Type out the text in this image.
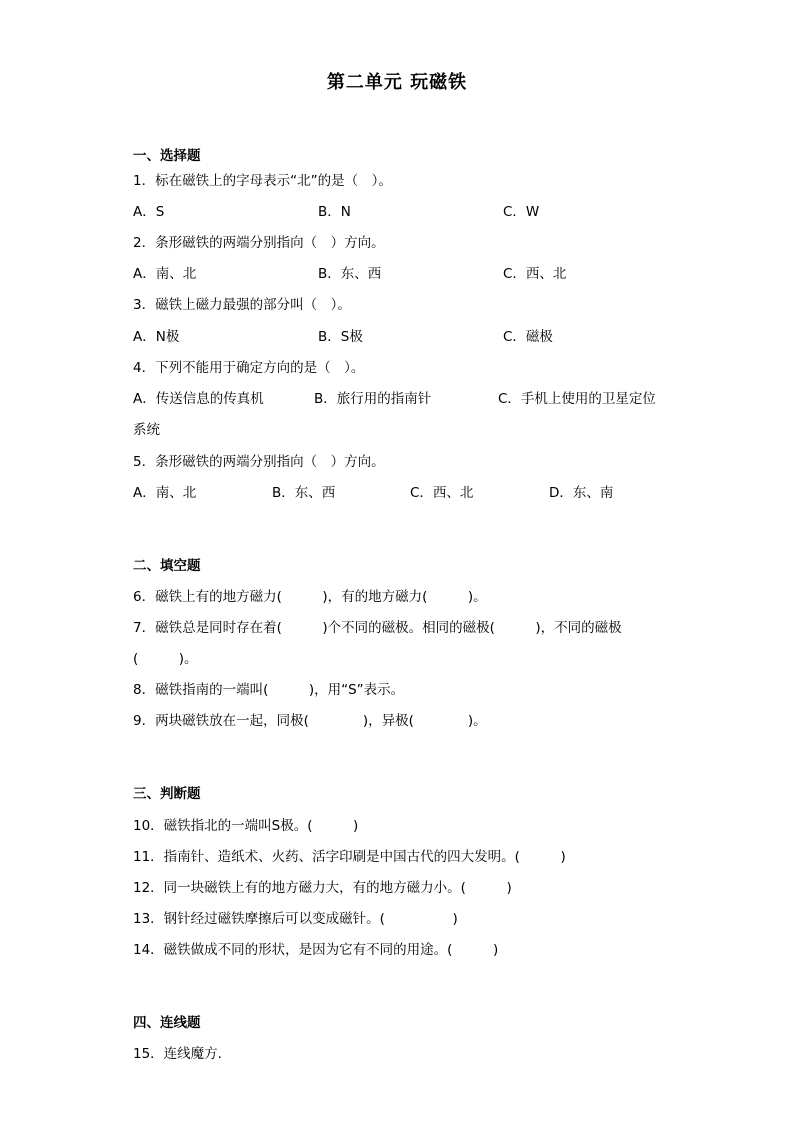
第二单元 玩磁铁
一、选择题
1．标在磁铁上的字母表示“北”的是（　）。
A．S	B．N	C．W
2．条形磁铁的两端分别指向（　）方向。
A．南、北	B．东、西	C．西、北
3．磁铁上磁力最强的部分叫（　）。
A．N极	B．S极	C．磁极
4．下列不能用于确定方向的是（　）。
A．传送信息的传真机	B．旅行用的指南针	C．手机上使用的卫星定位
系统
5．条形磁铁的两端分别指向（　）方向。
A．南、北	B．东、西	C．西、北	D．东、南
二、填空题
6．磁铁上有的地方磁力(　　　)，有的地方磁力(　　　)。
7．磁铁总是同时存在着(　　　)个不同的磁极。相同的磁极(　　　)，不同的磁极
(　　　)。
8．磁铁指南的一端叫(　　　)，用“S”表示。
9．两块磁铁放在一起，同极(　　　　)，异极(　　　　)。
三、判断题
10．磁铁指北的一端叫S极。(　　　)
11．指南针、造纸术、火药、活字印刷是中国古代的四大发明。(　　　)
12．同一块磁铁上有的地方磁力大，有的地方磁力小。(　　　)
13．钢针经过磁铁摩擦后可以变成磁针。(　　　　　)
14．磁铁做成不同的形状，是因为它有不同的用途。(　　　)
四、连线题
15．连线魔方.
